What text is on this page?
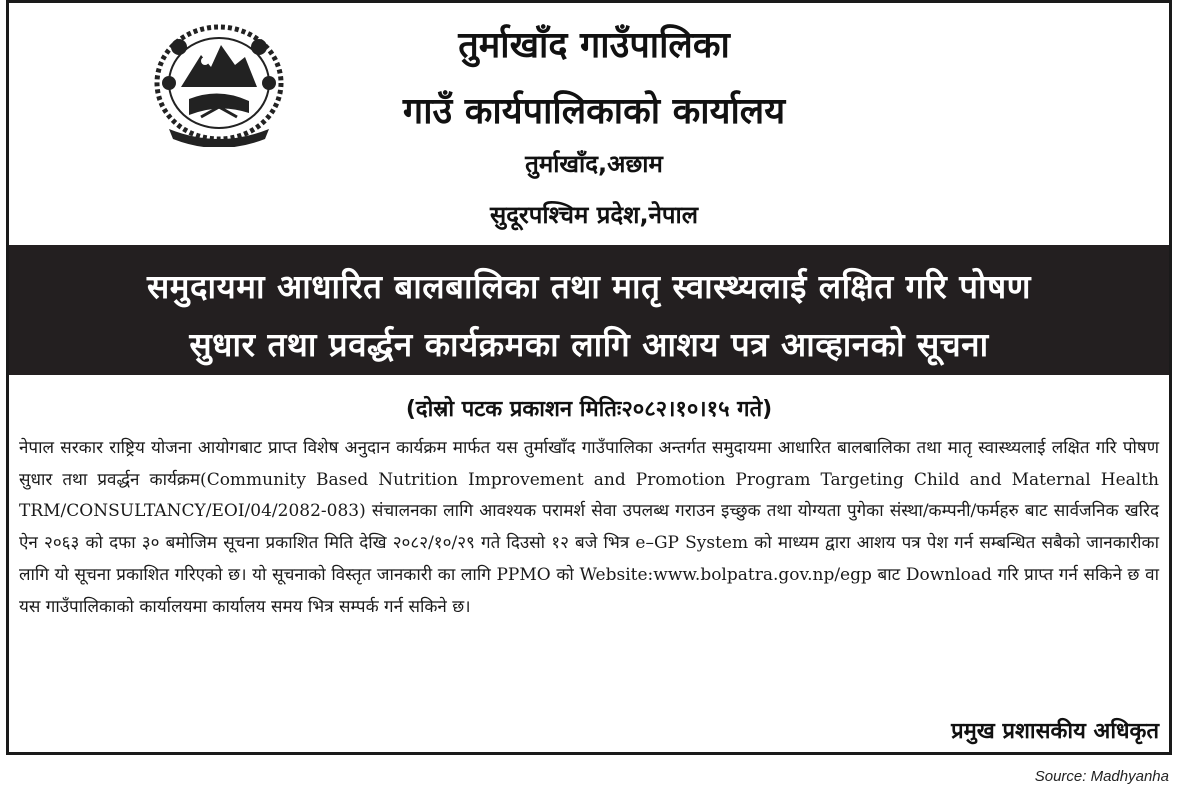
तुर्माखाँद गाउँपालिका
गाउँ कार्यपालिकाको कार्यालय
तुर्माखाँद,अछाम
सुदूरपश्चिम प्रदेश,नेपाल
समुदायमा आधारित बालबालिका तथा मातृ स्वास्थ्यलाई लक्षित गरि पोषण
सुधार तथा प्रवर्द्धन कार्यक्रमका लागि आशय पत्र आव्हानको सूचना
(दोस्रो पटक प्रकाशन मितिः२०८२।१०।१५ गते)

नेपाल सरकार राष्ट्रिय योजना आयोगबाट प्राप्त विशेष अनुदान कार्यक्रम मार्फत यस तुर्माखाँद गाउँपालिका अन्तर्गत समुदायमा आधारित बालबालिका तथा मातृ स्वास्थ्यलाई लक्षित गरि पोषण सुधार तथा प्रवर्द्धन कार्यक्रम(Community Based Nutrition Improvement and Promotion Program Targeting Child and Maternal Health TRM/CONSULTANCY/EOI/04/2082-083) संचालनका लागि आवश्यक परामर्श सेवा उपलब्ध गराउन इच्छुक तथा योग्यता पुगेका संस्था/कम्पनी/फर्महरु बाट सार्वजनिक खरिद ऐन २०६३ को दफा ३० बमोजिम सूचना प्रकाशित मिति देखि २०८२/१०/२९ गते दिउसो १२ बजे भित्र e–GP System को माध्यम द्वारा आशय पत्र पेश गर्न सम्बन्धित सबैको जानकारीका लागि यो सूचना प्रकाशित गरिएको छ। यो सूचनाको विस्तृत जानकारी का लागि PPMO को Website:www.bolpatra.gov.np/egp बाट Download गरि प्राप्त गर्न सकिने छ वा यस गाउँपालिकाको कार्यालयमा कार्यालय समय भित्र सम्पर्क गर्न सकिने छ।

प्रमुख प्रशासकीय अधिकृत
Source: Madhyanha
